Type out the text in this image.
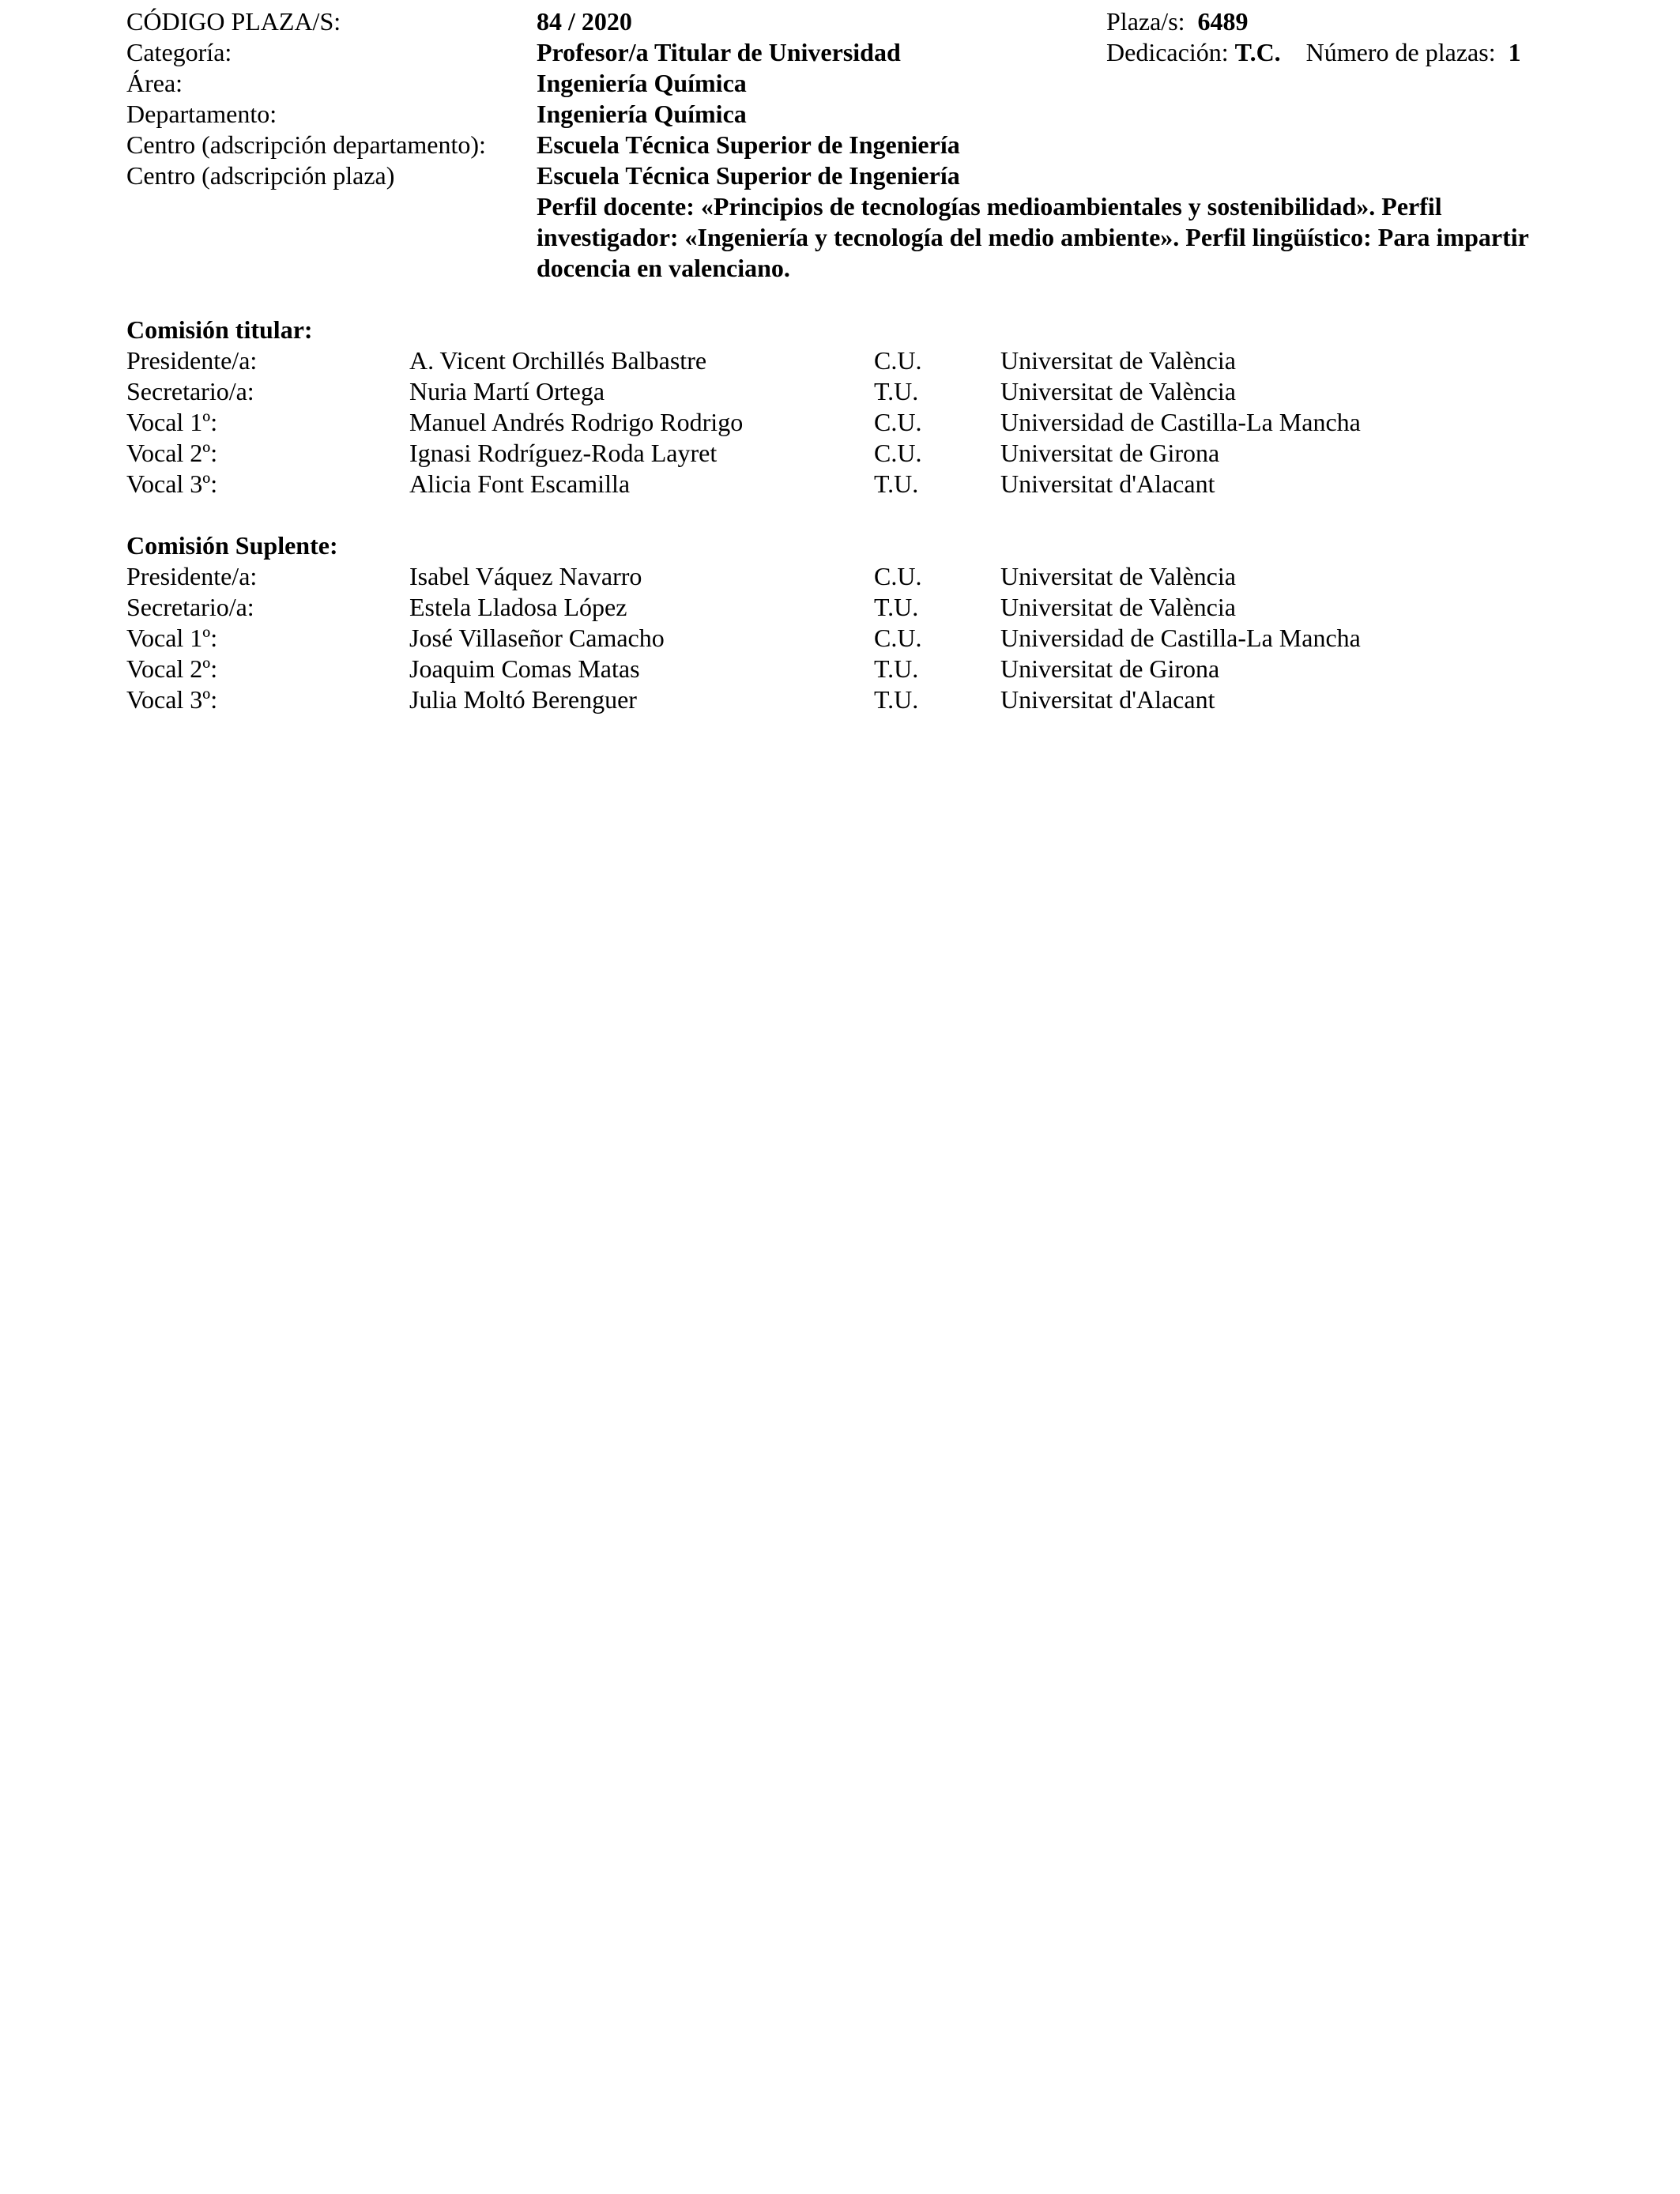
CÓDIGO PLAZA/S:	84 / 2020	Plaza/s: 6489
Categoría:	Profesor/a Titular de Universidad	Dedicación: T.C. Número de plazas: 1
Área:	Ingeniería Química
Departamento:	Ingeniería Química
Centro (adscripción departamento): Escuela Técnica Superior de Ingeniería
Centro (adscripción plaza)	Escuela Técnica Superior de Ingeniería
Perfil docente: «Principios de tecnologías medioambientales y sostenibilidad». Perfil investigador: «Ingeniería y tecnología del medio ambiente». Perfil lingüístico: Para impartir docencia en valenciano.
Comisión titular:
Presidente/a:	A. Vicent Orchillés Balbastre	C.U.	Universitat de València
Secretario/a:	Nuria Martí Ortega	T.U.	Universitat de València
Vocal 1º:	Manuel Andrés Rodrigo Rodrigo	C.U.	Universidad de Castilla-La Mancha
Vocal 2º:	Ignasi Rodríguez-Roda Layret	C.U.	Universitat de Girona
Vocal 3º:	Alicia Font Escamilla	T.U.	Universitat d'Alacant
Comisión Suplente:
Presidente/a:	Isabel Váquez Navarro	C.U.	Universitat de València
Secretario/a:	Estela Lladosa López	T.U.	Universitat de València
Vocal 1º:	José Villaseñor Camacho	C.U.	Universidad de Castilla-La Mancha
Vocal 2º:	Joaquim Comas Matas	T.U.	Universitat de Girona
Vocal 3º:	Julia Moltó Berenguer	T.U.	Universitat d'Alacant
